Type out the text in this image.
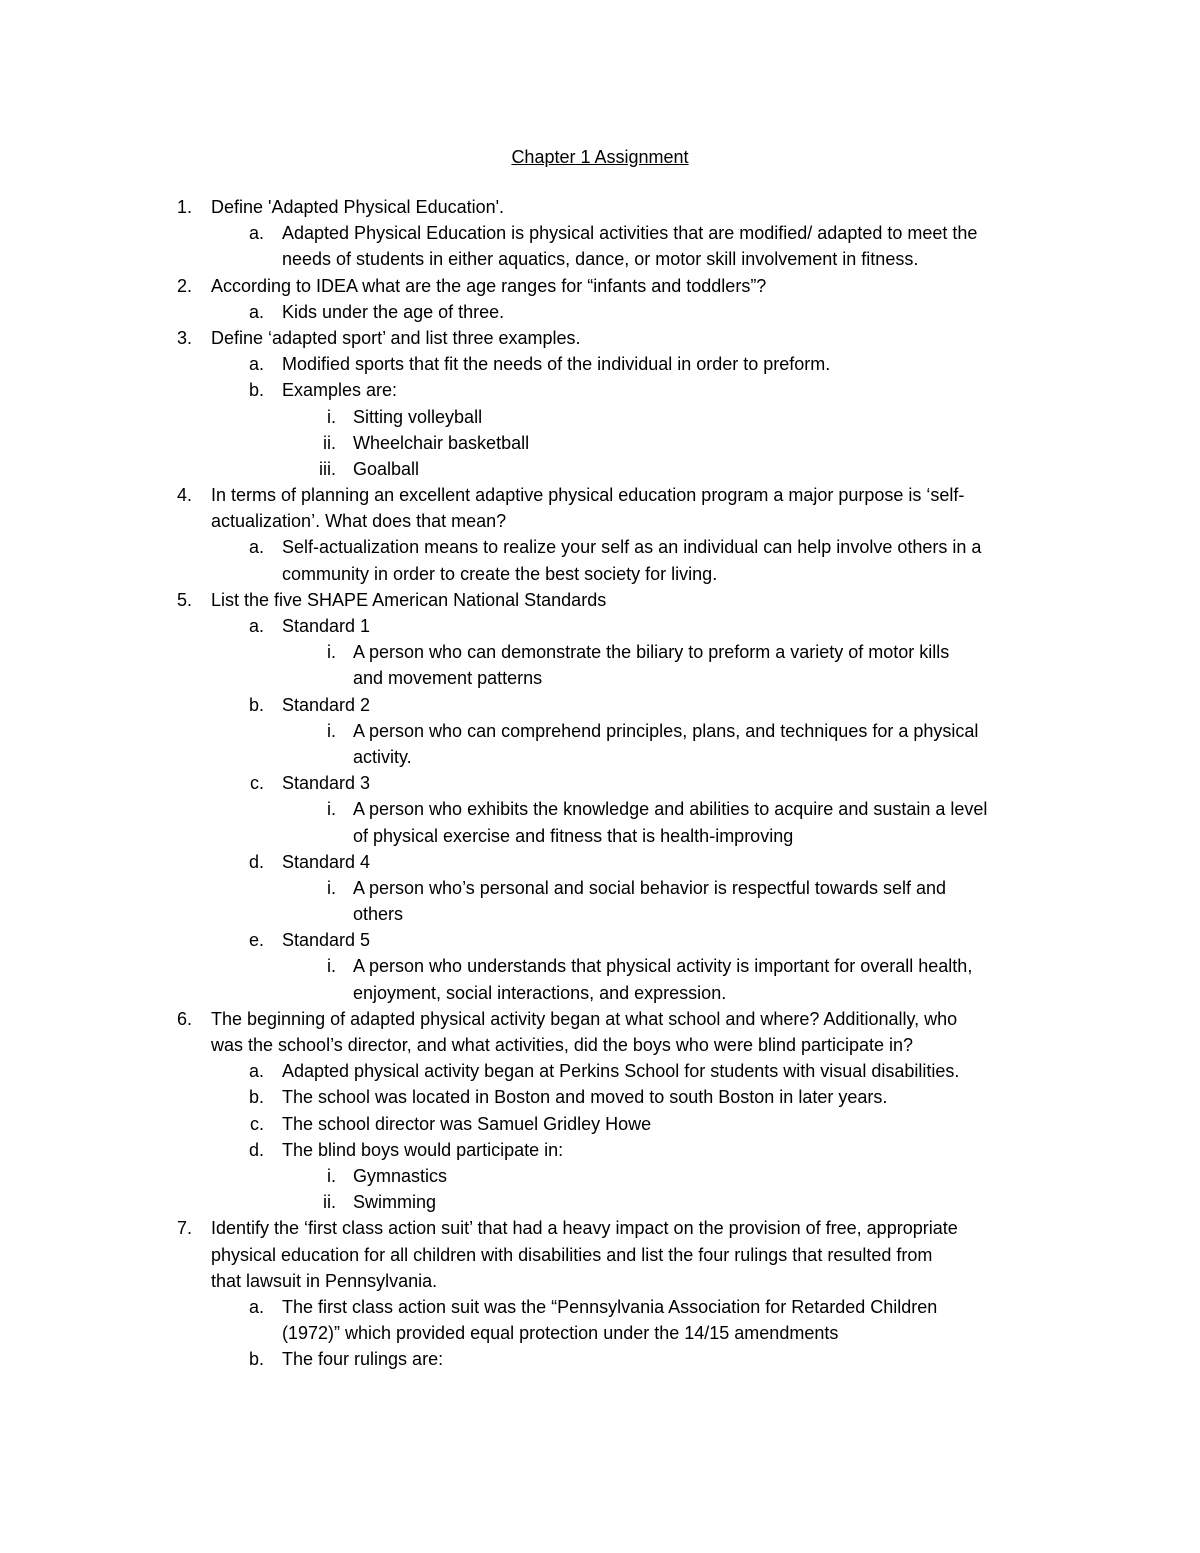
Chapter 1 Assignment
1. Define 'Adapted Physical Education'.
a. Adapted Physical Education is physical activities that are modified/ adapted to meet the
needs of students in either aquatics, dance, or motor skill involvement in fitness.
2. According to IDEA what are the age ranges for “infants and toddlers”?
a. Kids under the age of three.
3. Define ‘adapted sport’ and list three examples.
a. Modified sports that fit the needs of the individual in order to preform.
b. Examples are:
i. Sitting volleyball
ii. Wheelchair basketball
iii. Goalball
4. In terms of planning an excellent adaptive physical education program a major purpose is ‘self-
actualization’. What does that mean?
a. Self-actualization means to realize your self as an individual can help involve others in a
community in order to create the best society for living.
5. List the five SHAPE American National Standards
a. Standard 1
i. A person who can demonstrate the biliary to preform a variety of motor kills
and movement patterns
b. Standard 2
i. A person who can comprehend principles, plans, and techniques for a physical
activity.
c. Standard 3
i. A person who exhibits the knowledge and abilities to acquire and sustain a level
of physical exercise and fitness that is health-improving
d. Standard 4
i. A person who’s personal and social behavior is respectful towards self and
others
e. Standard 5
i. A person who understands that physical activity is important for overall health,
enjoyment, social interactions, and expression.
6. The beginning of adapted physical activity began at what school and where? Additionally, who
was the school’s director, and what activities, did the boys who were blind participate in?
a. Adapted physical activity began at Perkins School for students with visual disabilities.
b. The school was located in Boston and moved to south Boston in later years.
c. The school director was Samuel Gridley Howe
d. The blind boys would participate in:
i. Gymnastics
ii. Swimming
7. Identify the ‘first class action suit’ that had a heavy impact on the provision of free, appropriate
physical education for all children with disabilities and list the four rulings that resulted from
that lawsuit in Pennsylvania.
a. The first class action suit was the “Pennsylvania Association for Retarded Children
(1972)” which provided equal protection under the 14/15 amendments
b. The four rulings are:
